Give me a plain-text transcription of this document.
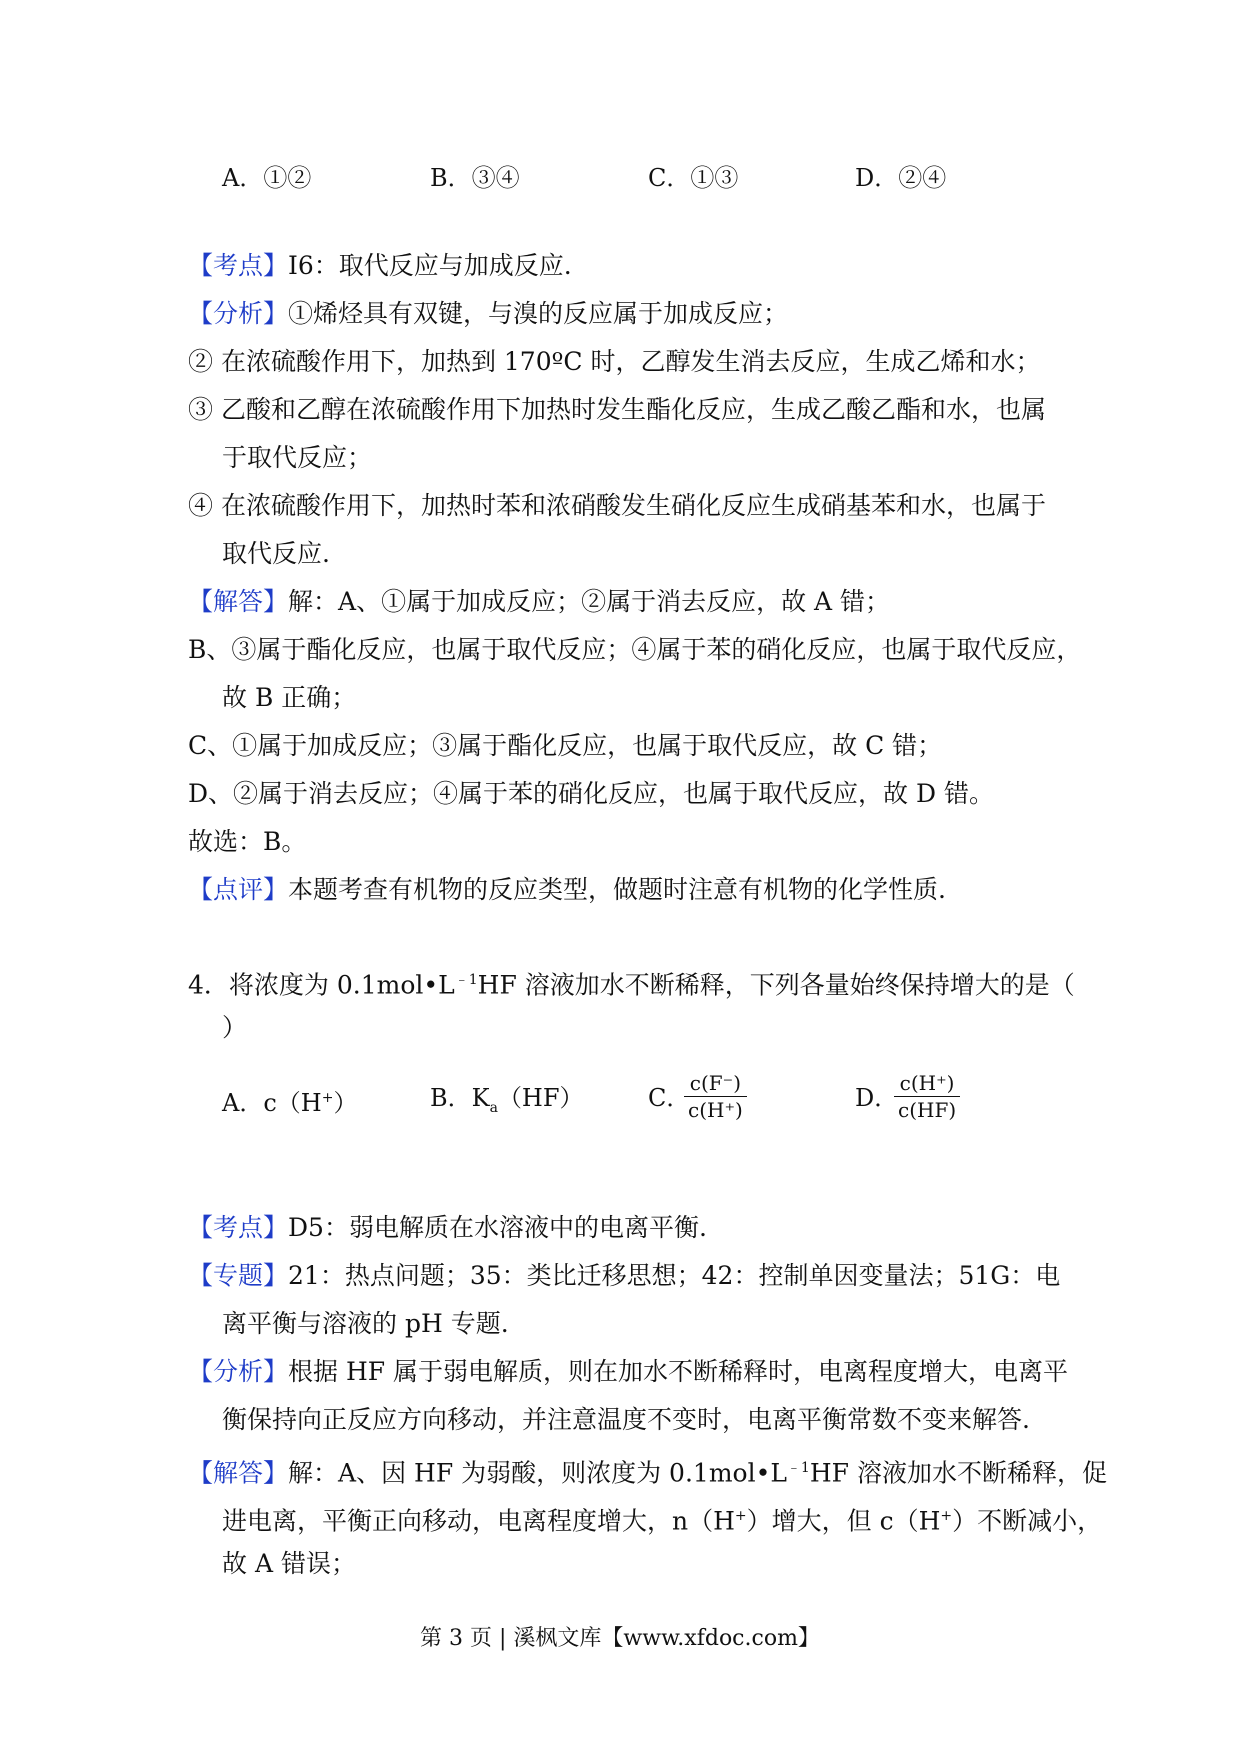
A．①②	B．③④	C．①③	D．②④
【考点】I6：取代反应与加成反应.
【分析】①烯烃具有双键，与溴的反应属于加成反应；
② 在浓硫酸作用下，加热到 170ºC 时，乙醇发生消去反应，生成乙烯和水；
③ 乙酸和乙醇在浓硫酸作用下加热时发生酯化反应，生成乙酸乙酯和水，也属
于取代反应；
④ 在浓硫酸作用下，加热时苯和浓硝酸发生硝化反应生成硝基苯和水，也属于
取代反应.
【解答】解：A、①属于加成反应；②属于消去反应，故 A 错；
B、③属于酯化反应，也属于取代反应；④属于苯的硝化反应，也属于取代反应，
故 B 正确；
C、①属于加成反应；③属于酯化反应，也属于取代反应，故 C 错；
D、②属于消去反应；④属于苯的硝化反应，也属于取代反应，故 D 错。
故选：B。
【点评】本题考查有机物的反应类型，做题时注意有机物的化学性质.
4．将浓度为 $0.1mol•L^{﹣1}HF$ 溶液加水不断稀释，下列各量始终保持增大的是（
）
A．c（H+）	B．$K_a(HF)$	C．
$\frac{c(F^-)}{c(H^+)}$	D．
$\frac{c(H^+)}{c(HF)}$
【考点】D5：弱电解质在水溶液中的电离平衡.
【专题】21：热点问题；35：类比迁移思想；42：控制单因变量法；51G：电
离平衡与溶液的 pH 专题.
【分析】根据 HF 属于弱电解质，则在加水不断稀释时，电离程度增大，电离平
衡保持向正反应方向移动，并注意温度不变时，电离平衡常数不变来解答.
【解答】解：A、因 HF 为弱酸，则浓度为 $0.1mol•L^{﹣1}HF$ 溶液加水不断稀释，促
进电离，平衡正向移动，电离程度增大，n（H+）增大，但 c（H+）不断减小，
故 A 错误；
第 3 页 | 溪枫文库【www.xfdoc.com】
